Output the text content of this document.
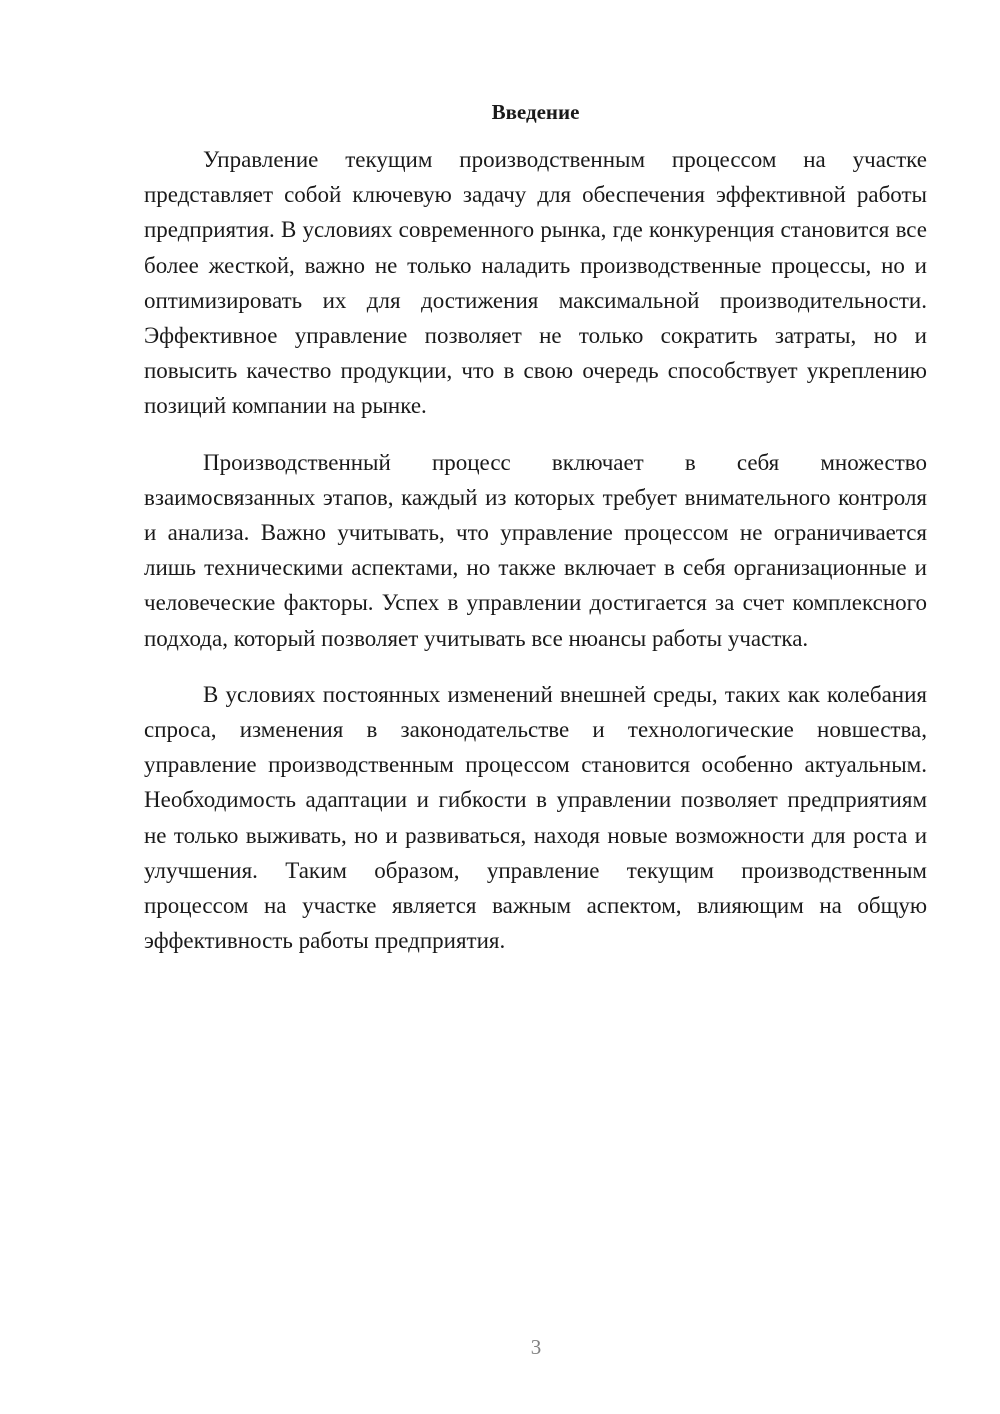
Введение

Управление текущим производственным процессом на участке представляет собой ключевую задачу для обеспечения эффективной работы предприятия. В условиях современного рынка, где конкуренция становится все более жесткой, важно не только наладить производственные процессы, но и оптимизировать их для достижения максимальной производительности. Эффективное управление позволяет не только сократить затраты, но и повысить качество продукции, что в свою очередь способствует укреплению позиций компании на рынке.

Производственный процесс включает в себя множество взаимосвязанных этапов, каждый из которых требует внимательного контроля и анализа. Важно учитывать, что управление процессом не ограничивается лишь техническими аспектами, но также включает в себя организационные и человеческие факторы. Успех в управлении достигается за счет комплексного подхода, который позволяет учитывать все нюансы работы участка.

В условиях постоянных изменений внешней среды, таких как колебания спроса, изменения в законодательстве и технологические новшества, управление производственным процессом становится особенно актуальным. Необходимость адаптации и гибкости в управлении позволяет предприятиям не только выживать, но и развиваться, находя новые возможности для роста и улучшения. Таким образом, управление текущим производственным процессом на участке является важным аспектом, влияющим на общую эффективность работы предприятия.

3
